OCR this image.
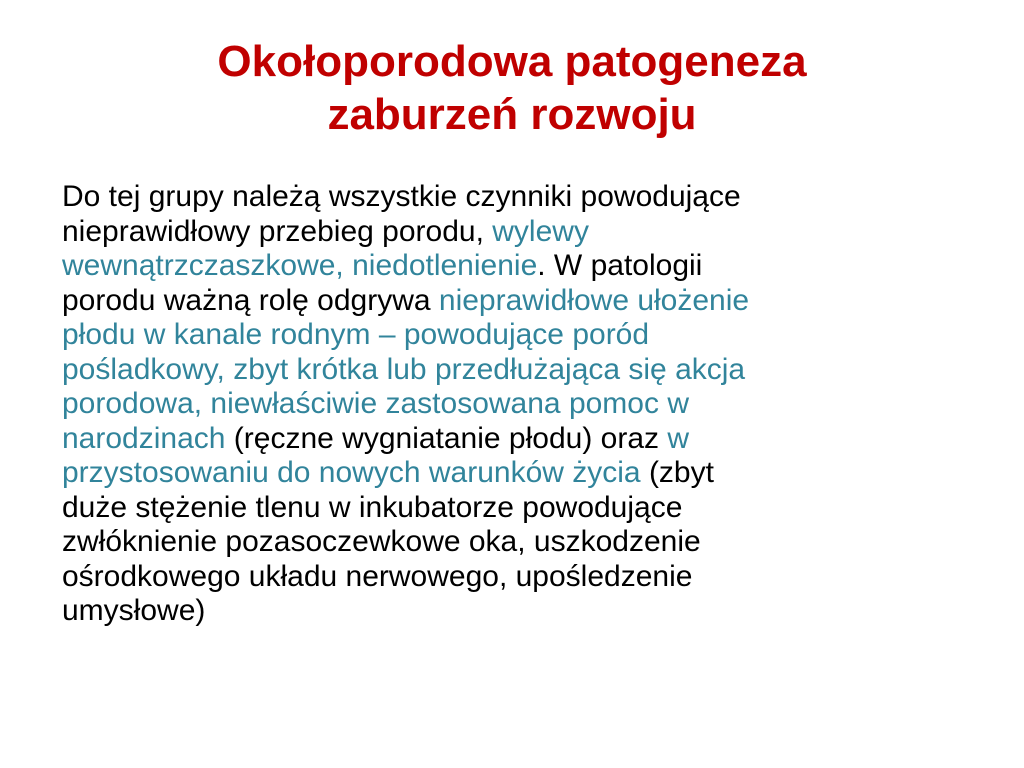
Okołoporodowa patogeneza
zaburzeń rozwoju

Do tej grupy należą wszystkie czynniki powodujące
nieprawidłowy przebieg porodu, wylewy
wewnątrzczaszkowe, niedotlenienie. W patologii
porodu ważną rolę odgrywa nieprawidłowe ułożenie
płodu w kanale rodnym – powodujące poród
pośladkowy, zbyt krótka lub przedłużająca się akcja
porodowa, niewłaściwie zastosowana pomoc w
narodzinach (ręczne wygniatanie płodu) oraz w
przystosowaniu do nowych warunków życia (zbyt
duże stężenie tlenu w inkubatorze powodujące
zwłóknienie pozasoczewkowe oka, uszkodzenie
ośrodkowego układu nerwowego, upośledzenie
umysłowe)
